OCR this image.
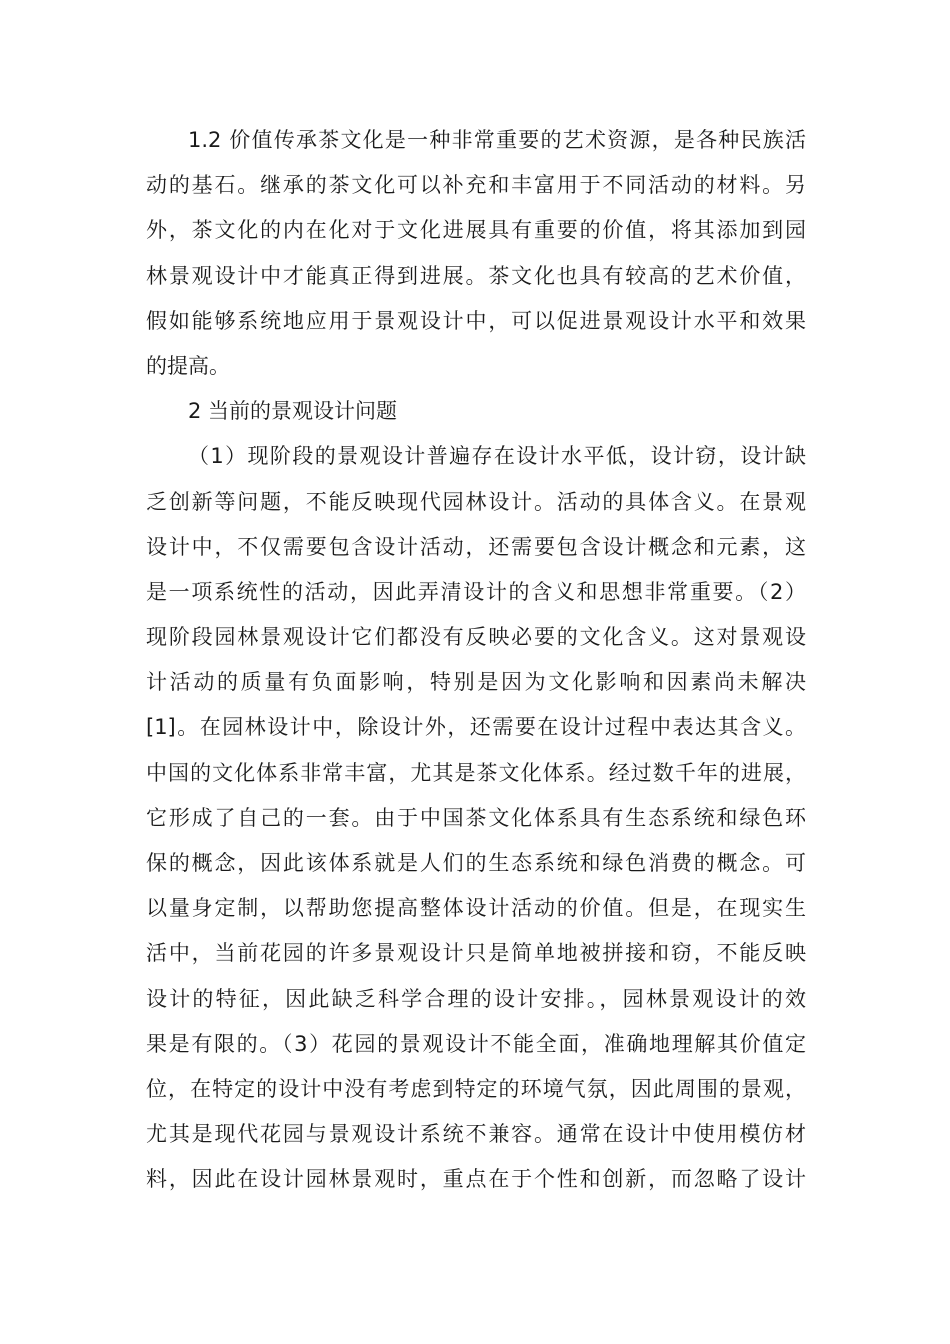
1.2 价值传承茶文化是一种非常重要的艺术资源，是各种民族活
动的基石。继承的茶文化可以补充和丰富用于不同活动的材料。另
外，茶文化的内在化对于文化进展具有重要的价值，将其添加到园
林景观设计中才能真正得到进展。茶文化也具有较高的艺术价值，
假如能够系统地应用于景观设计中，可以促进景观设计水平和效果
的提高。
2 当前的景观设计问题
（1）现阶段的景观设计普遍存在设计水平低，设计窃，设计缺
乏创新等问题，不能反映现代园林设计。活动的具体含义。在景观
设计中，不仅需要包含设计活动，还需要包含设计概念和元素，这
是一项系统性的活动，因此弄清设计的含义和思想非常重要。（2）
现阶段园林景观设计它们都没有反映必要的文化含义。这对景观设
计活动的质量有负面影响，特别是因为文化影响和因素尚未解决
[1]。在园林设计中，除设计外，还需要在设计过程中表达其含义。
中国的文化体系非常丰富，尤其是茶文化体系。经过数千年的进展，
它形成了自己的一套。由于中国茶文化体系具有生态系统和绿色环
保的概念，因此该体系就是人们的生态系统和绿色消费的概念。可
以量身定制，以帮助您提高整体设计活动的价值。但是，在现实生
活中，当前花园的许多景观设计只是简单地被拼接和窃，不能反映
设计的特征，因此缺乏科学合理的设计安排。，园林景观设计的效
果是有限的。（3）花园的景观设计不能全面，准确地理解其价值定
位，在特定的设计中没有考虑到特定的环境气氛，因此周围的景观，
尤其是现代花园与景观设计系统不兼容。通常在设计中使用模仿材
料，因此在设计园林景观时，重点在于个性和创新，而忽略了设计
